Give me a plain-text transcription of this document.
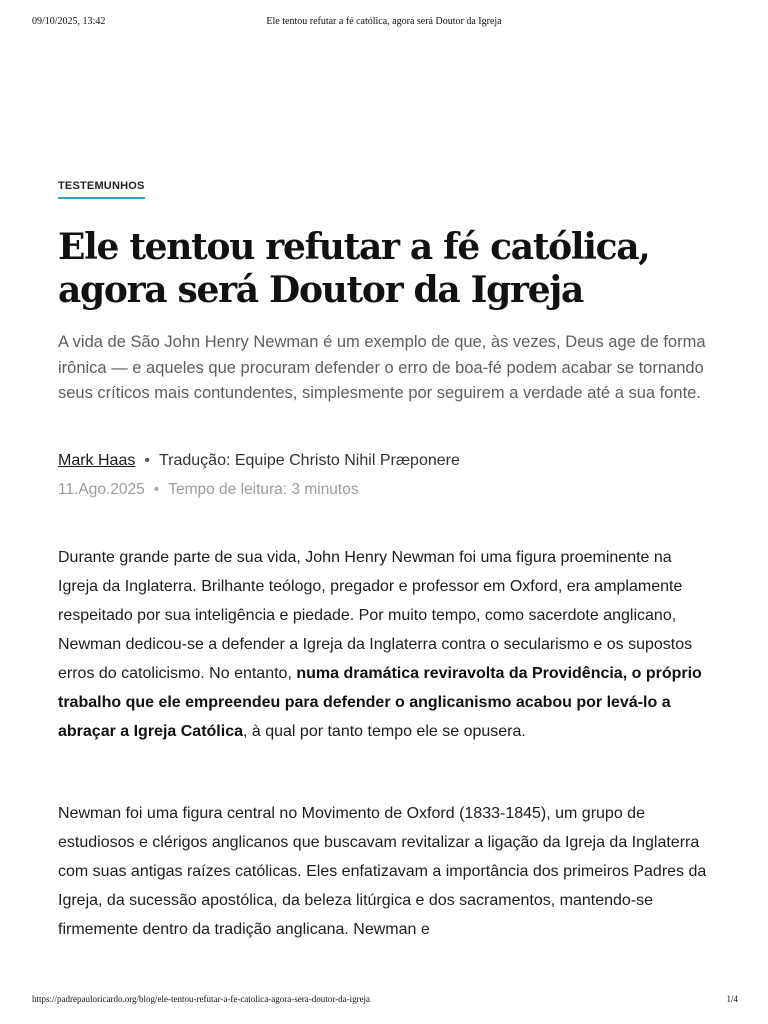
09/10/2025, 13:42	Ele tentou refutar a fé católica, agora será Doutor da Igreja
TESTEMUNHOS
Ele tentou refutar a fé católica,
agora será Doutor da Igreja

A vida de São John Henry Newman é um exemplo de que, às vezes, Deus age de forma irônica — e aqueles que procuram defender o erro de boa-fé podem acabar se tornando seus críticos mais contundentes, simplesmente por seguirem a verdade até a sua fonte.

Mark Haas • Tradução: Equipe Christo Nihil Præponere
11.Ago.2025 • Tempo de leitura: 3 minutos

Durante grande parte de sua vida, John Henry Newman foi uma figura proeminente na Igreja da Inglaterra. Brilhante teólogo, pregador e professor em Oxford, era amplamente respeitado por sua inteligência e piedade. Por muito tempo, como sacerdote anglicano, Newman dedicou-se a defender a Igreja da Inglaterra contra o secularismo e os supostos erros do catolicismo. No entanto, numa dramática reviravolta da Providência, o próprio trabalho que ele empreendeu para defender o anglicanismo acabou por levá-lo a abraçar a Igreja Católica, à qual por tanto tempo ele se opusera.

Newman foi uma figura central no Movimento de Oxford (1833-1845), um grupo de estudiosos e clérigos anglicanos que buscavam revitalizar a ligação da Igreja da Inglaterra com suas antigas raízes católicas. Eles enfatizavam a importância dos primeiros Padres da Igreja, da sucessão apostólica, da beleza litúrgica e dos sacramentos, mantendo-se firmemente dentro da tradição anglicana. Newman e

https://padrepauloricardo.org/blog/ele-tentou-refutar-a-fe-catolica-agora-sera-doutor-da-igreja	1/4
